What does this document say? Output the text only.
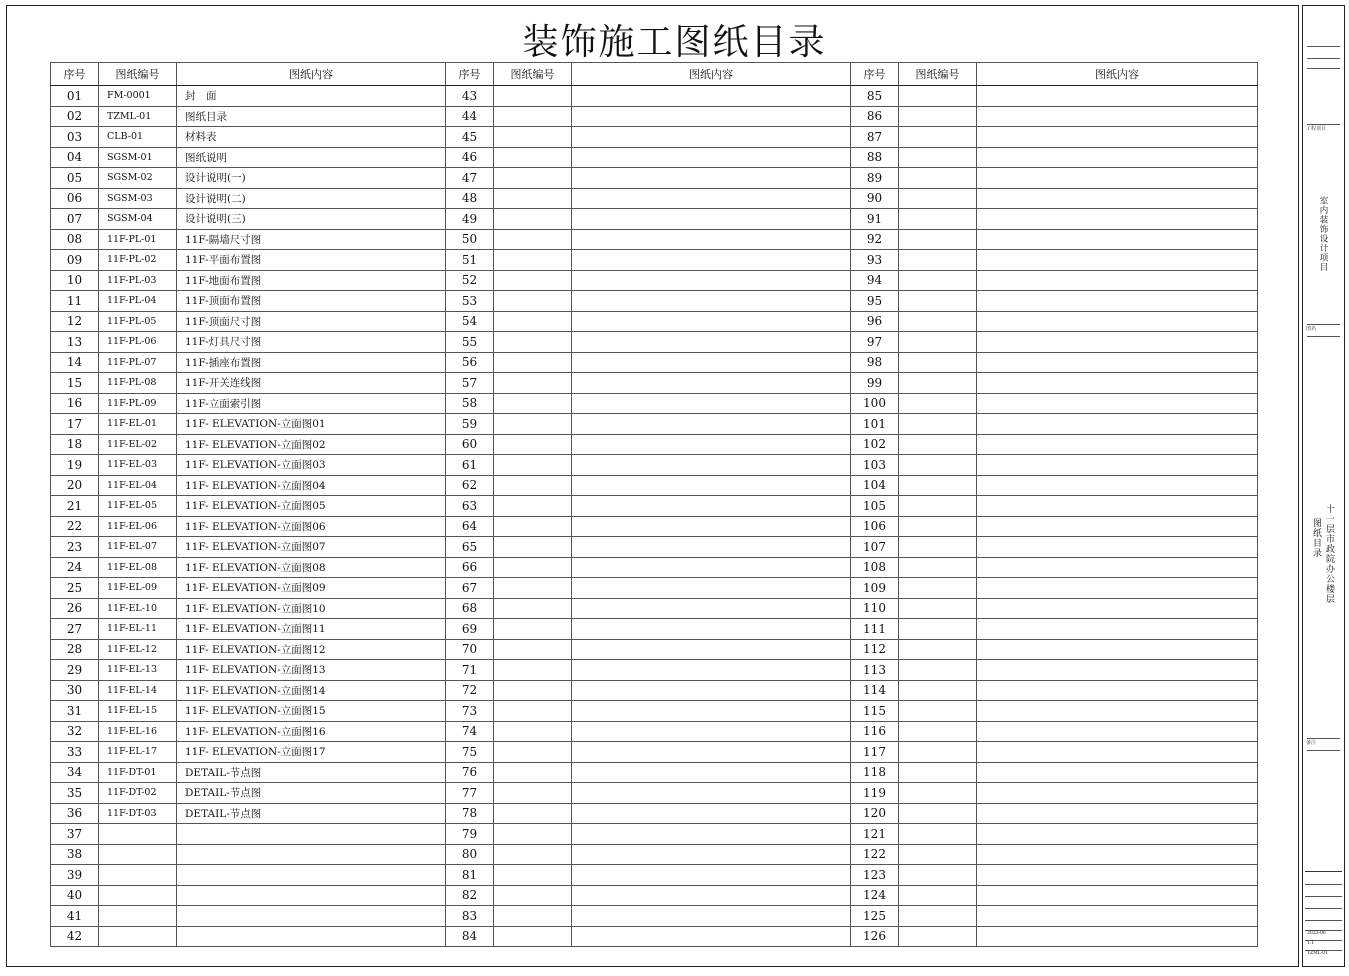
装饰施工图纸目录
序号	图纸编号	图纸内容	序号	图纸编号	图纸内容	序号	图纸编号	图纸内容
01	FM-0001	封　面	43			85		
02	TZML-01	图纸目录	44			86		
03	CLB-01	材料表	45			87		
04	SGSM-01	图纸说明	46			88		
05	SGSM-02	设计说明(一)	47			89		
06	SGSM-03	设计说明(二)	48			90		
07	SGSM-04	设计说明(三)	49			91		
08	11F-PL-01	11F-隔墙尺寸图	50			92		
09	11F-PL-02	11F-平面布置图	51			93		
10	11F-PL-03	11F-地面布置图	52			94		
11	11F-PL-04	11F-顶面布置图	53			95		
12	11F-PL-05	11F-顶面尺寸图	54			96		
13	11F-PL-06	11F-灯具尺寸图	55			97		
14	11F-PL-07	11F-插座布置图	56			98		
15	11F-PL-08	11F-开关连线图	57			99		
16	11F-PL-09	11F-立面索引图	58			100		
17	11F-EL-01	11F- ELEVATION-立面图01	59			101		
18	11F-EL-02	11F- ELEVATION-立面图02	60			102		
19	11F-EL-03	11F- ELEVATION-立面图03	61			103		
20	11F-EL-04	11F- ELEVATION-立面图04	62			104		
21	11F-EL-05	11F- ELEVATION-立面图05	63			105		
22	11F-EL-06	11F- ELEVATION-立面图06	64			106		
23	11F-EL-07	11F- ELEVATION-立面图07	65			107		
24	11F-EL-08	11F- ELEVATION-立面图08	66			108		
25	11F-EL-09	11F- ELEVATION-立面图09	67			109		
26	11F-EL-10	11F- ELEVATION-立面图10	68			110		
27	11F-EL-11	11F- ELEVATION-立面图11	69			111		
28	11F-EL-12	11F- ELEVATION-立面图12	70			112		
29	11F-EL-13	11F- ELEVATION-立面图13	71			113		
30	11F-EL-14	11F- ELEVATION-立面图14	72			114		
31	11F-EL-15	11F- ELEVATION-立面图15	73			115		
32	11F-EL-16	11F- ELEVATION-立面图16	74			116		
33	11F-EL-17	11F- ELEVATION-立面图17	75			117		
34	11F-DT-01	DETAIL-节点图	76			118		
35	11F-DT-02	DETAIL-节点图	77			119		
36	11F-DT-03	DETAIL-节点图	78			120		
37			79			121		
38			80			122		
39			81			123		
40			82			124		
41			83			125		
42			84			126		
工程项目
室内装饰设计项目
图名
十一层市政院办公楼层
图纸目录
备注
2023-06
1:1
TZML-01
